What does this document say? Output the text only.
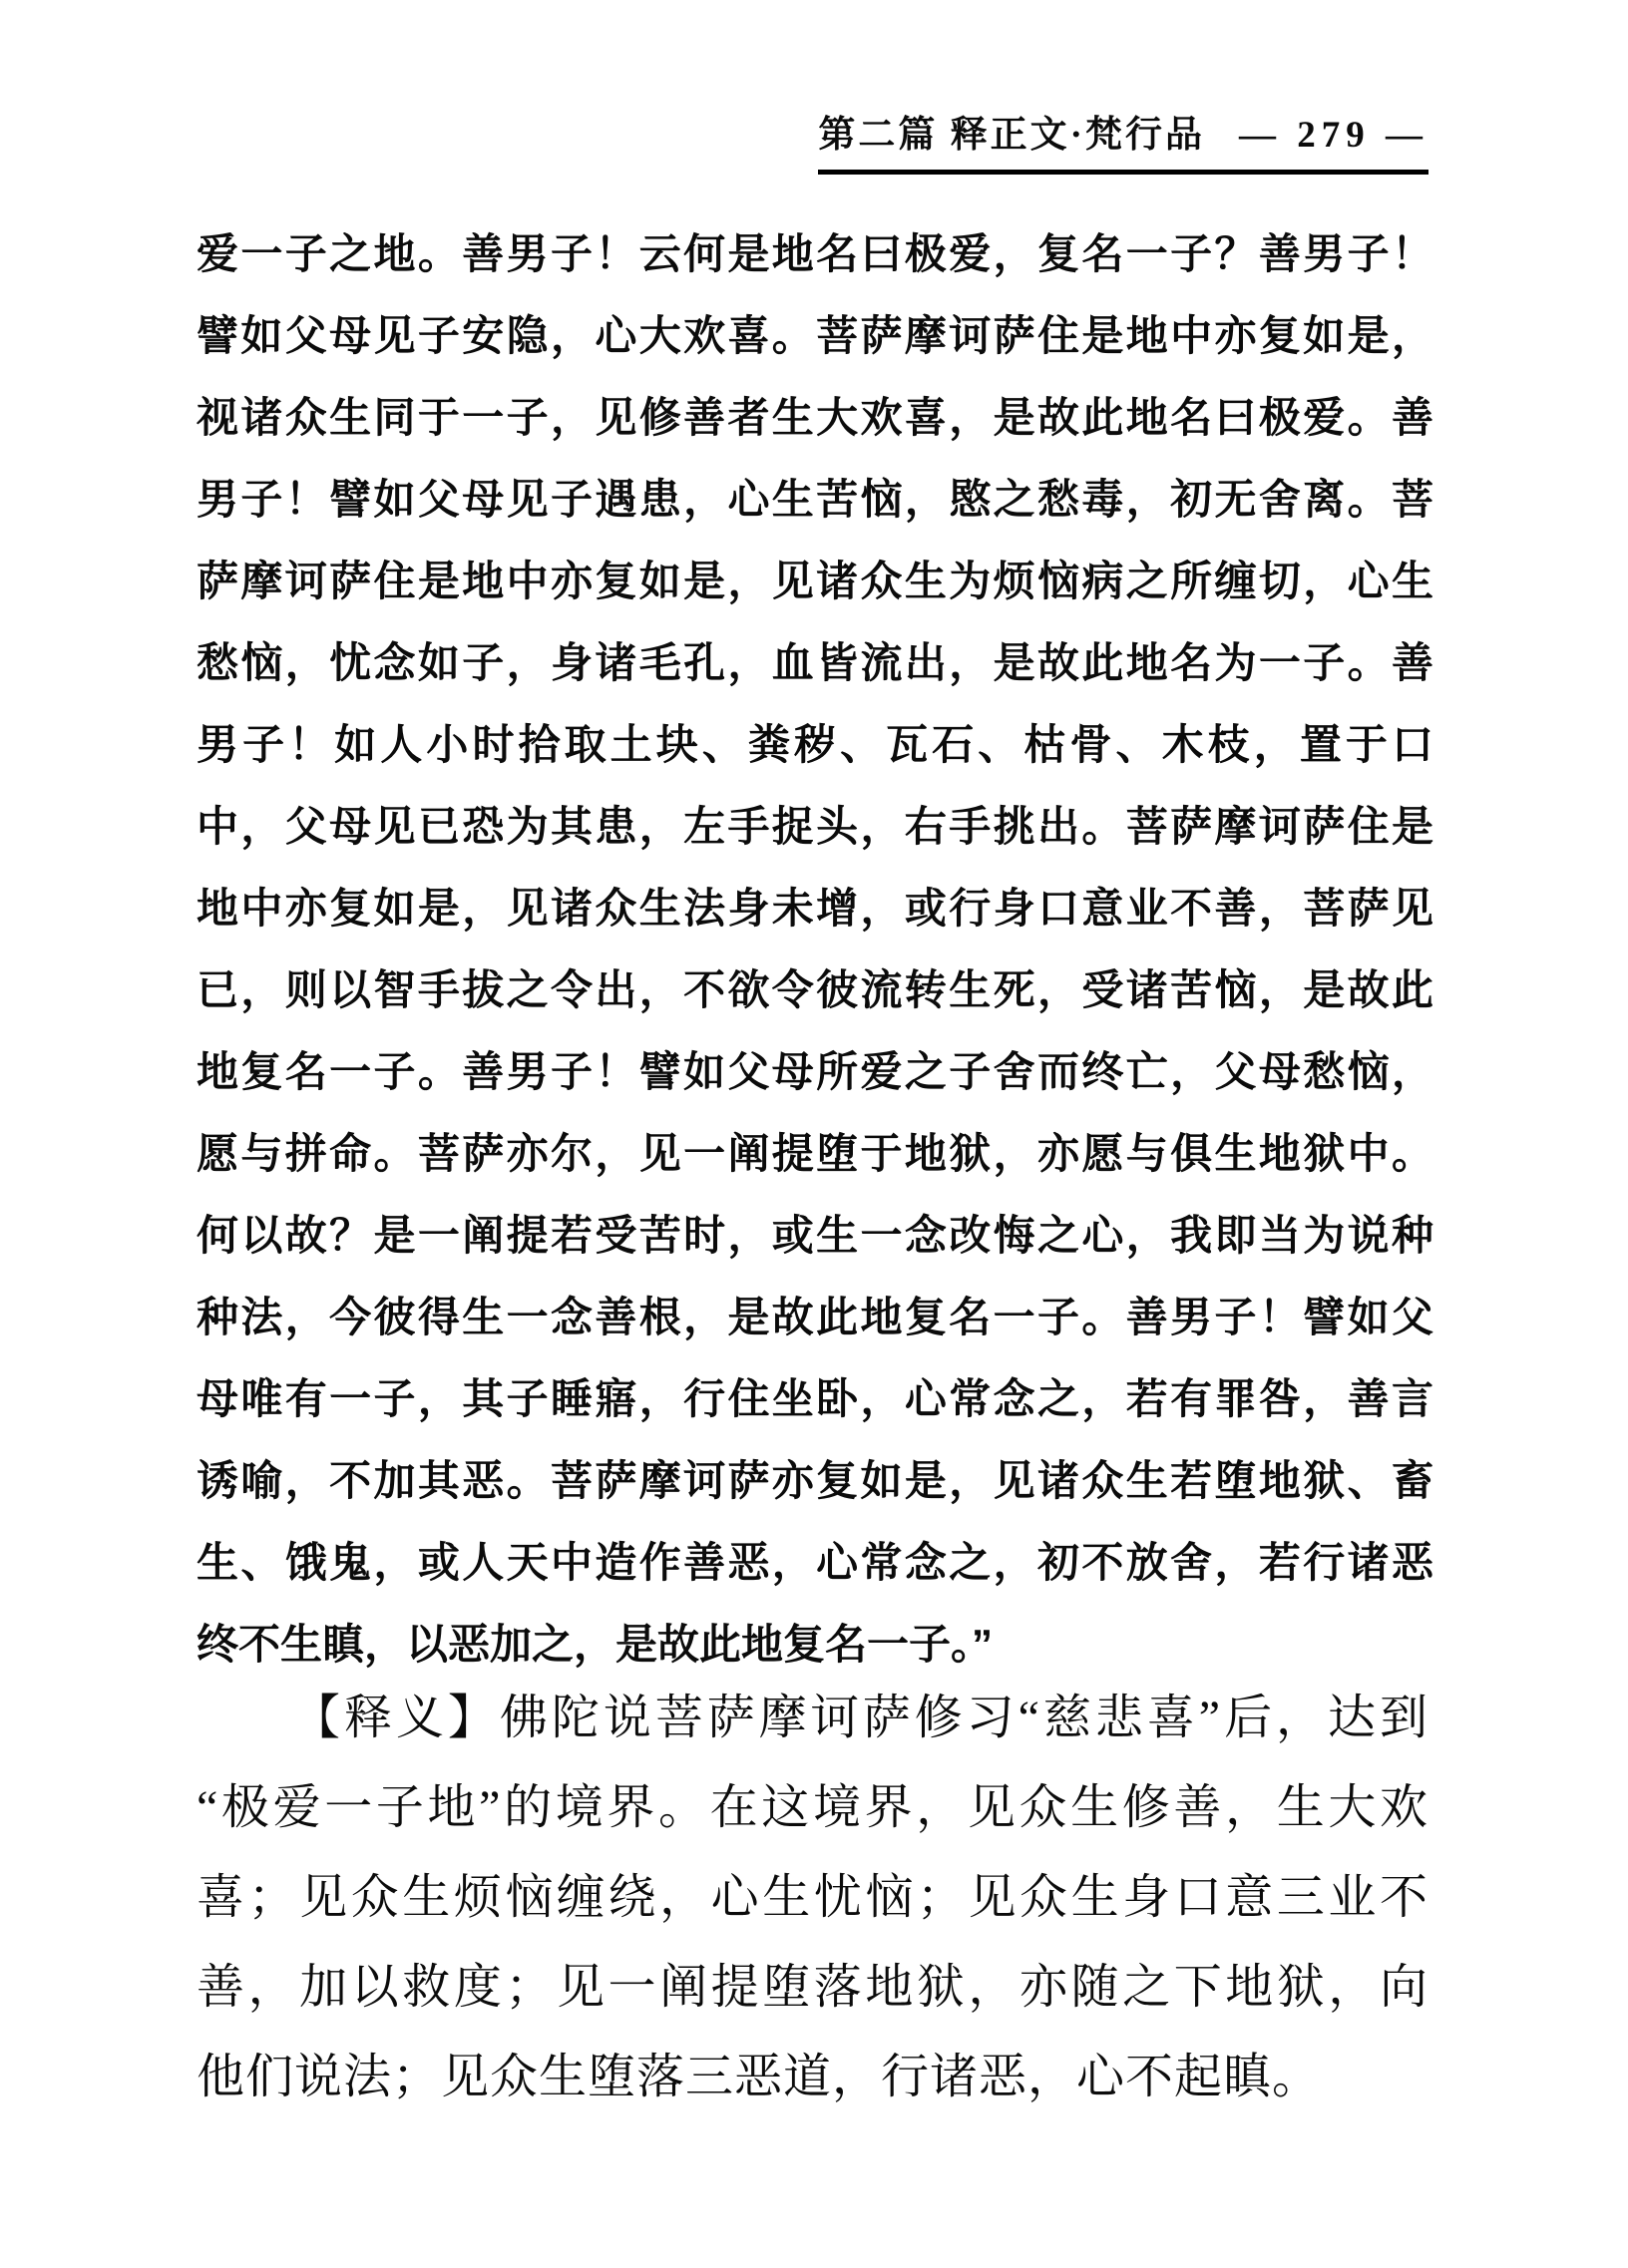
第二篇 释正文·梵行品 — 279 —
爱一子之地。善男子！云何是地名曰极爱，复名一子？善男子！
譬如父母见子安隐，心大欢喜。菩萨摩诃萨住是地中亦复如是，
视诸众生同于一子，见修善者生大欢喜，是故此地名曰极爱。善
男子！譬如父母见子遇患，心生苦恼，愍之愁毒，初无舍离。菩
萨摩诃萨住是地中亦复如是，见诸众生为烦恼病之所缠切，心生
愁恼，忧念如子，身诸毛孔，血皆流出，是故此地名为一子。善
男子！如人小时拾取土块、粪秽、瓦石、枯骨、木枝，置于口
中，父母见已恐为其患，左手捉头，右手挑出。菩萨摩诃萨住是
地中亦复如是，见诸众生法身未增，或行身口意业不善，菩萨见
已，则以智手拔之令出，不欲令彼流转生死，受诸苦恼，是故此
地复名一子。善男子！譬如父母所爱之子舍而终亡，父母愁恼，
愿与拼命。菩萨亦尔，见一阐提堕于地狱，亦愿与俱生地狱中。
何以故？是一阐提若受苦时，或生一念改悔之心，我即当为说种
种法，今彼得生一念善根，是故此地复名一子。善男子！譬如父
母唯有一子，其子睡寤，行住坐卧，心常念之，若有罪咎，善言
诱喻，不加其恶。菩萨摩诃萨亦复如是，见诸众生若堕地狱、畜
生、饿鬼，或人天中造作善恶，心常念之，初不放舍，若行诸恶
终不生瞋，以恶加之，是故此地复名一子。”
【释义】佛陀说菩萨摩诃萨修习“慈悲喜”后，达到
“极爱一子地”的境界。在这境界，见众生修善，生大欢
喜；见众生烦恼缠绕，心生忧恼；见众生身口意三业不
善，加以救度；见一阐提堕落地狱，亦随之下地狱，向
他们说法；见众生堕落三恶道，行诸恶，心不起瞋。
